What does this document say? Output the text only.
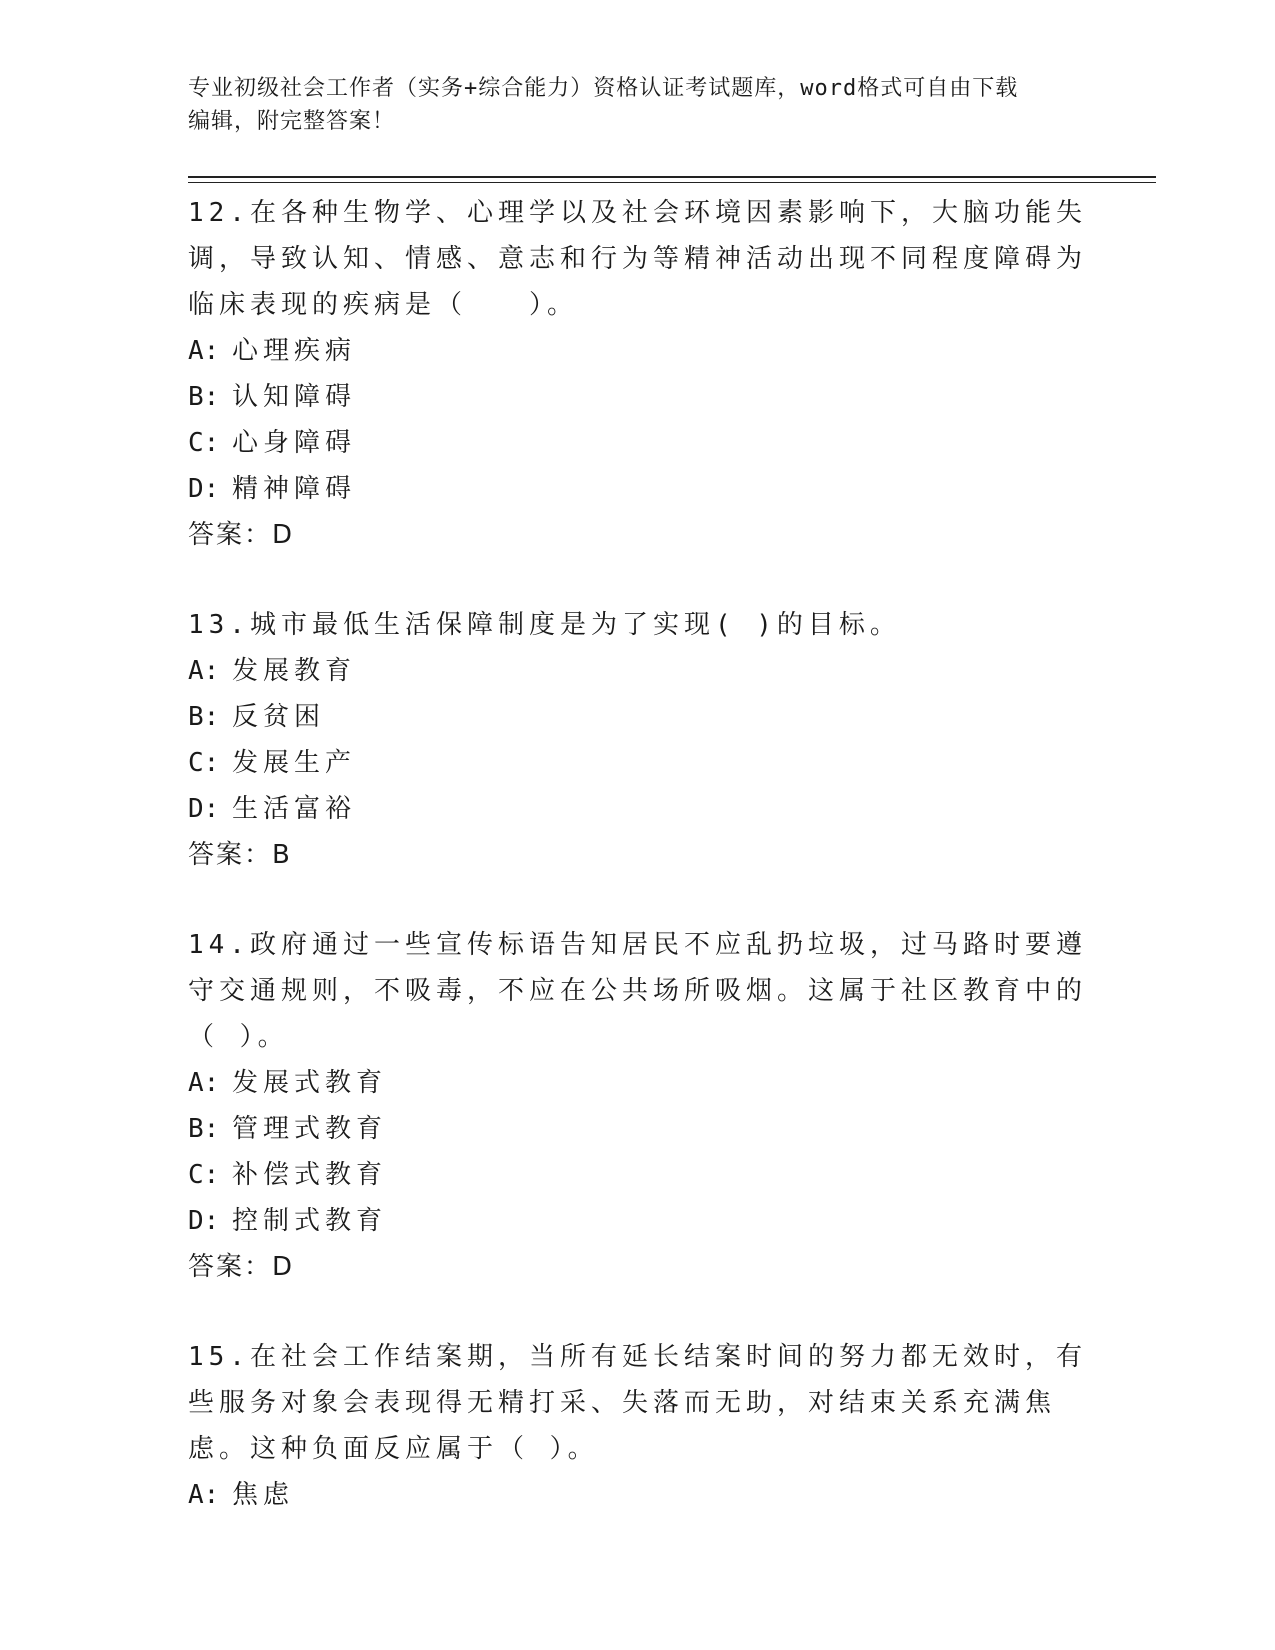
专业初级社会工作者（实务+综合能力）资格认证考试题库，word格式可自由下载
编辑，附完整答案！

12.在各种生物学、心理学以及社会环境因素影响下，大脑功能失调，导致认知、情感、意志和行为等精神活动出现不同程度障碍为临床表现的疾病是（　　）。

A: 心理疾病

B: 认知障碍

C: 心身障碍

D: 精神障碍

答案：D

13.城市最低生活保障制度是为了实现( )的目标。

A: 发展教育

B: 反贫困

C: 发展生产

D: 生活富裕

答案：B

14.政府通过一些宣传标语告知居民不应乱扔垃圾，过马路时要遵守交通规则，不吸毒，不应在公共场所吸烟。这属于社区教育中的（ ）。

A: 发展式教育

B: 管理式教育

C: 补偿式教育

D: 控制式教育

答案：D

15.在社会工作结案期，当所有延长结案时间的努力都无效时，有些服务对象会表现得无精打采、失落而无助，对结束关系充满焦虑。这种负面反应属于（ ）。

A: 焦虑
